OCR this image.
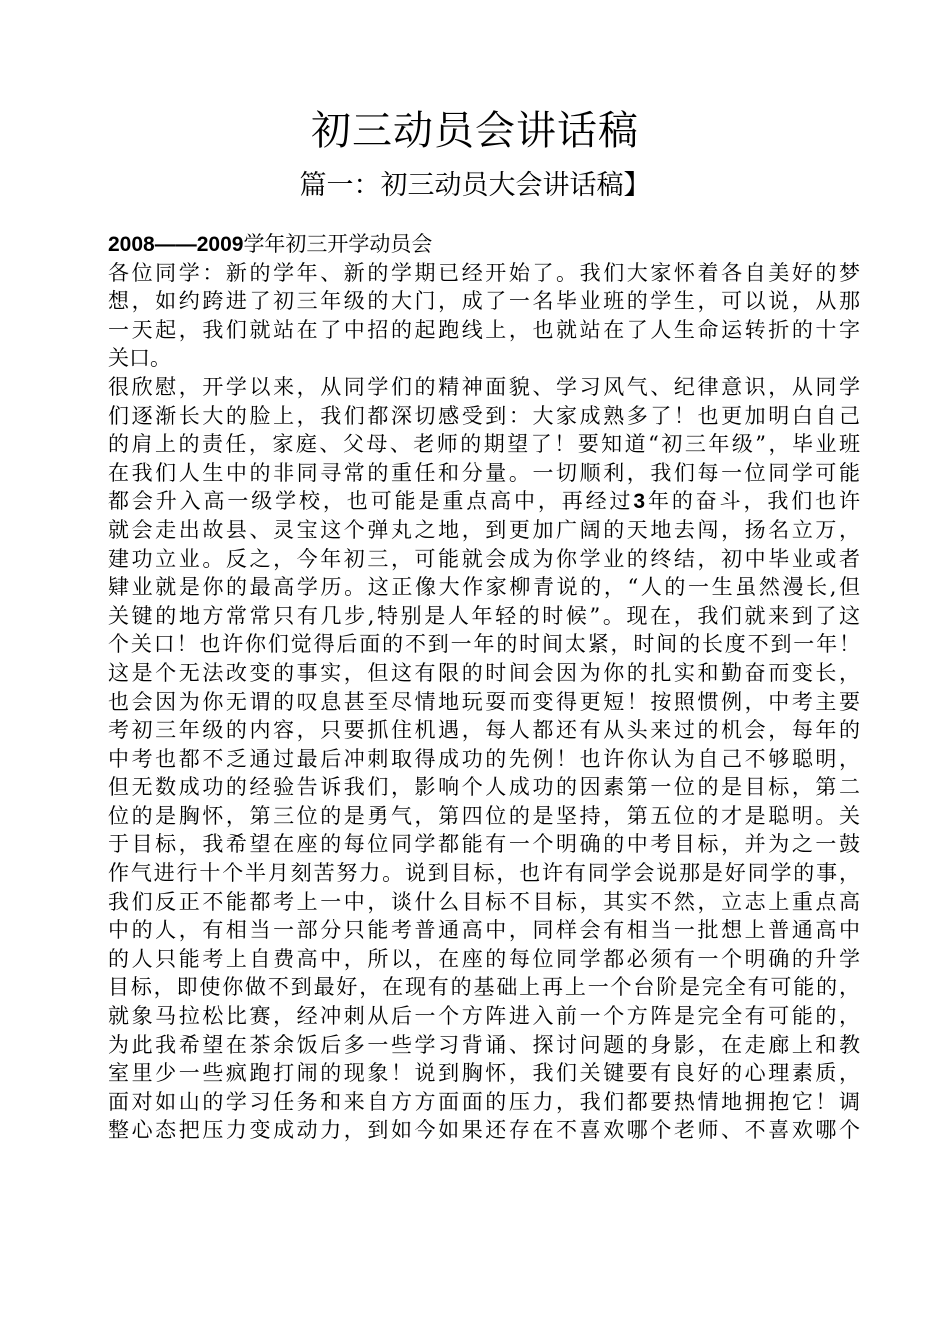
初三动员会讲话稿
篇一：初三动员大会讲话稿】
2008——2009学年初三开学动员会
各位同学：新的学年、新的学期已经开始了。我们大家怀着各自美好的梦
想，如约跨进了初三年级的大门，成了一名毕业班的学生，可以说，从那
一天起，我们就站在了中招的起跑线上，也就站在了人生命运转折的十字
关口。
很欣慰，开学以来，从同学们的精神面貌、学习风气、纪律意识，从同学
们逐渐长大的脸上，我们都深切感受到：大家成熟多了！也更加明白自己
的肩上的责任，家庭、父母、老师的期望了！要知道“初三年级”，毕业班
在我们人生中的非同寻常的重任和分量。一切顺利，我们每一位同学可能
都会升入高一级学校，也可能是重点高中，再经过3年的奋斗，我们也许
就会走出故县、灵宝这个弹丸之地，到更加广阔的天地去闯，扬名立万，
建功立业。反之，今年初三，可能就会成为你学业的终结，初中毕业或者
肄业就是你的最高学历。这正像大作家柳青说的，“人的一生虽然漫长,但
关键的地方常常只有几步,特别是人年轻的时候”。现在，我们就来到了这
个关口！也许你们觉得后面的不到一年的时间太紧，时间的长度不到一年！
这是个无法改变的事实，但这有限的时间会因为你的扎实和勤奋而变长，
也会因为你无谓的叹息甚至尽情地玩耍而变得更短！按照惯例，中考主要
考初三年级的内容，只要抓住机遇，每人都还有从头来过的机会，每年的
中考也都不乏通过最后冲刺取得成功的先例！也许你认为自己不够聪明，
但无数成功的经验告诉我们，影响个人成功的因素第一位的是目标，第二
位的是胸怀，第三位的是勇气，第四位的是坚持，第五位的才是聪明。关
于目标，我希望在座的每位同学都能有一个明确的中考目标，并为之一鼓
作气进行十个半月刻苦努力。说到目标，也许有同学会说那是好同学的事，
我们反正不能都考上一中，谈什么目标不目标，其实不然，立志上重点高
中的人，有相当一部分只能考普通高中，同样会有相当一批想上普通高中
的人只能考上自费高中，所以，在座的每位同学都必须有一个明确的升学
目标，即使你做不到最好，在现有的基础上再上一个台阶是完全有可能的，
就象马拉松比赛，经冲刺从后一个方阵进入前一个方阵是完全有可能的，
为此我希望在茶余饭后多一些学习背诵、探讨问题的身影，在走廊上和教
室里少一些疯跑打闹的现象！说到胸怀，我们关键要有良好的心理素质，
面对如山的学习任务和来自方方面面的压力，我们都要热情地拥抱它！调
整心态把压力变成动力，到如今如果还存在不喜欢哪个老师、不喜欢哪个
